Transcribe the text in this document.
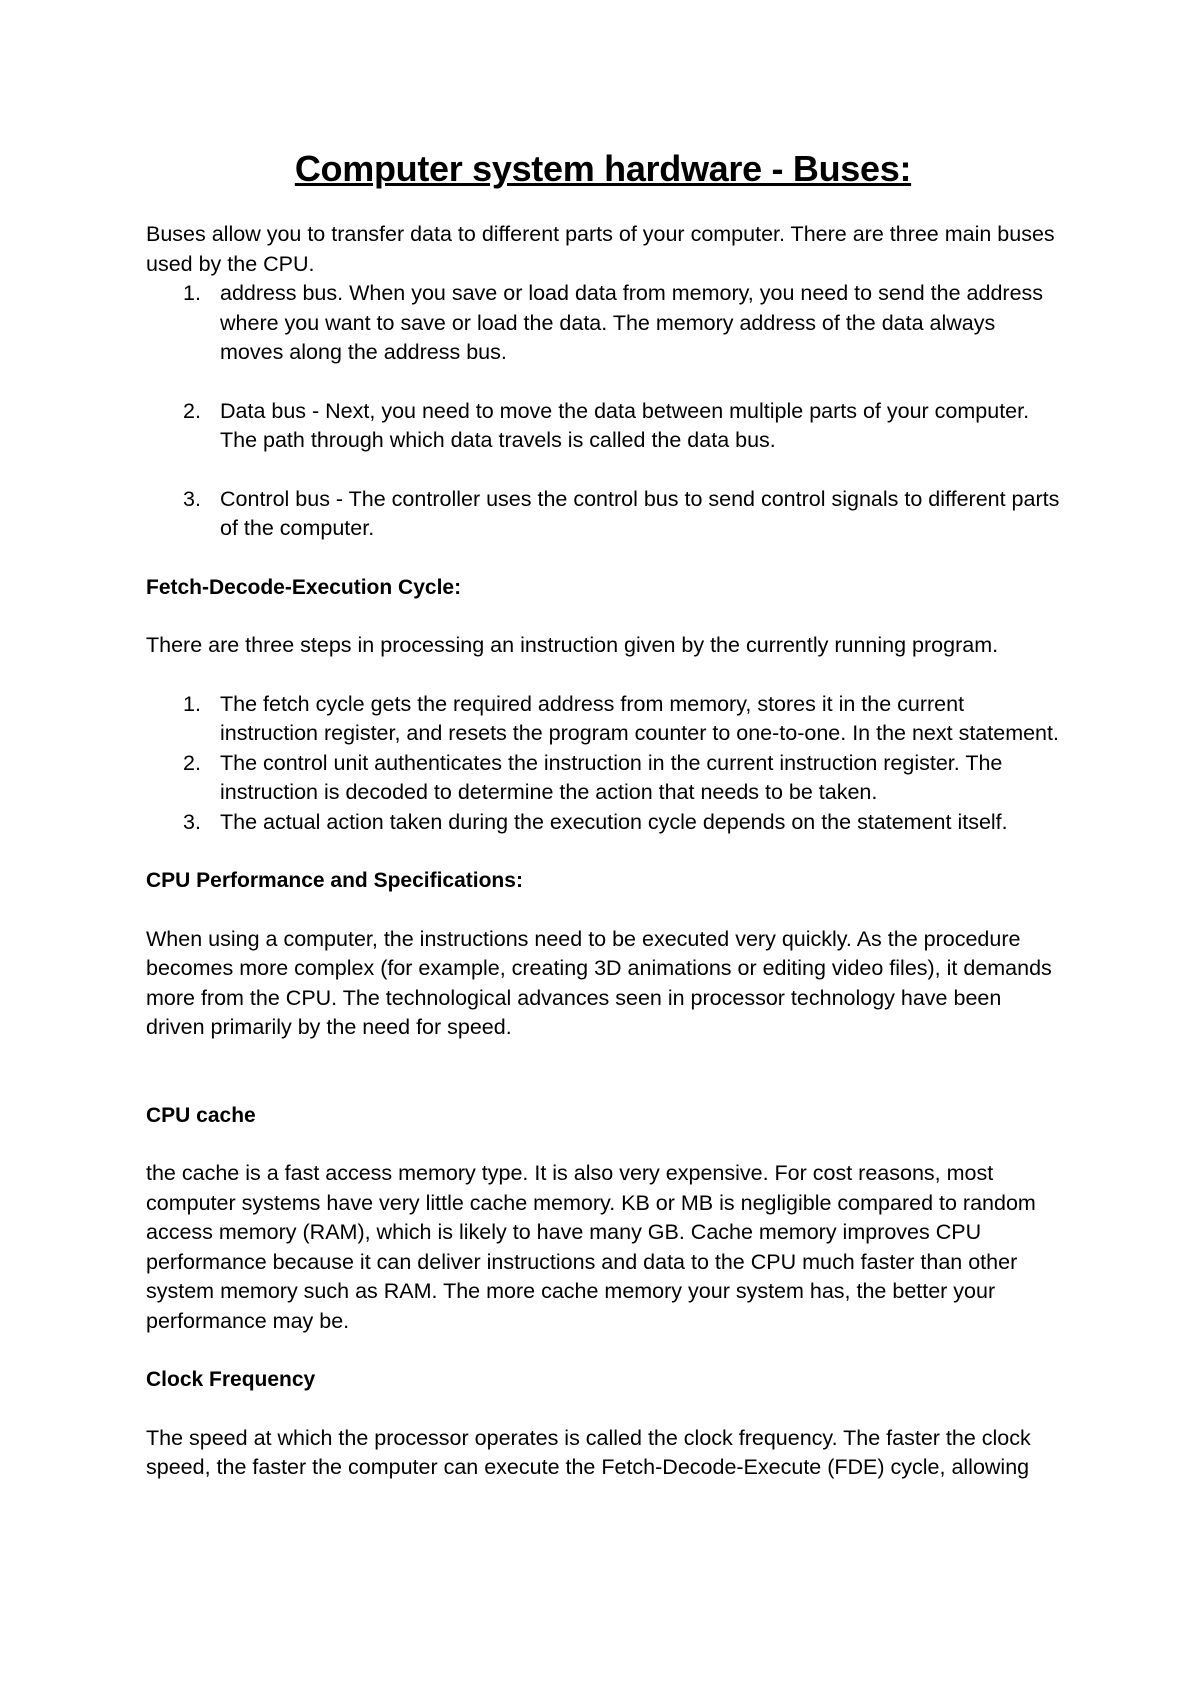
Computer system hardware - Buses:

Buses allow you to transfer data to different parts of your computer. There are three main buses used by the CPU.

1. address bus. When you save or load data from memory, you need to send the address where you want to save or load the data. The memory address of the data always moves along the address bus.
2. Data bus - Next, you need to move the data between multiple parts of your computer. The path through which data travels is called the data bus.
3. Control bus - The controller uses the control bus to send control signals to different parts of the computer.

Fetch-Decode-Execution Cycle:

There are three steps in processing an instruction given by the currently running program.

1. The fetch cycle gets the required address from memory, stores it in the current instruction register, and resets the program counter to one-to-one. In the next statement.
2. The control unit authenticates the instruction in the current instruction register. The instruction is decoded to determine the action that needs to be taken.
3. The actual action taken during the execution cycle depends on the statement itself.

CPU Performance and Specifications:

When using a computer, the instructions need to be executed very quickly. As the procedure becomes more complex (for example, creating 3D animations or editing video files), it demands more from the CPU. The technological advances seen in processor technology have been driven primarily by the need for speed.

CPU cache

the cache is a fast access memory type. It is also very expensive. For cost reasons, most computer systems have very little cache memory. KB or MB is negligible compared to random access memory (RAM), which is likely to have many GB. Cache memory improves CPU performance because it can deliver instructions and data to the CPU much faster than other system memory such as RAM. The more cache memory your system has, the better your performance may be.

Clock Frequency

The speed at which the processor operates is called the clock frequency. The faster the clock speed, the faster the computer can execute the Fetch-Decode-Execute (FDE) cycle, allowing
